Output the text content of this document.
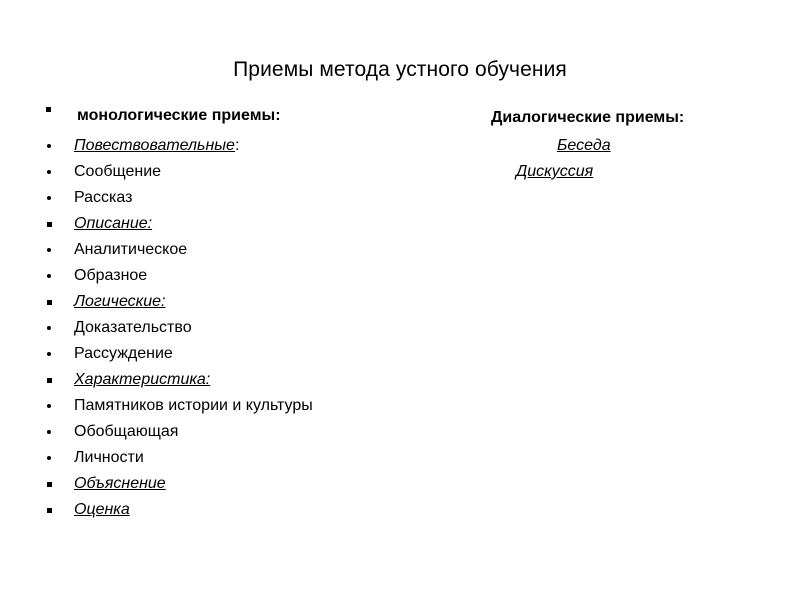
Приемы метода устного обучения
монологические приемы:	Диалогические приемы:
Повествовательные:
Сообщение
Рассказ
Описание:
Аналитическое
Образное
Логические:
Доказательство
Рассуждение
Характеристика:
Памятников истории и культуры
Обобщающая
Личности
Объяснение
Оценка
Беседа
Дискуссия
